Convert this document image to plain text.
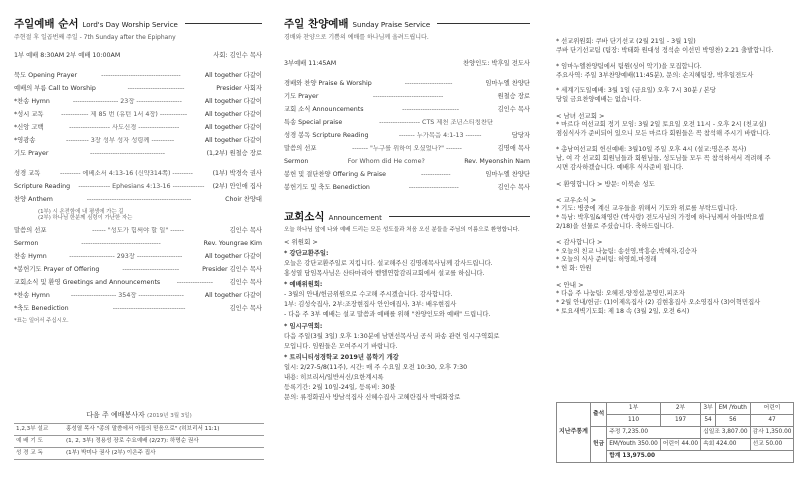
주일예배 순서 Lord's Day Worship Service
주현절 후 일곱번째 주일 - 7th Sunday after the Epiphany
1부 예배 8:30AM 2부 예배 10:00AM	사회: 김인수 목사
묵도 Opening Prayer	-----------------------------------	All together 다같이
예배의 부름 Call to Worship	-------------------------	Presider 사회자
*찬송 Hymn	-------------------- 23장 --------------------	All together 다같이
*성시 교독	------------ 제 85 번 (유턴 1서 4장) ------------	All together 다같이
*신앙 고백	------------------ 사도신경 ------------------	All together 다같이
*영광송	---------- 3장 성부 성자 성령께 ----------	All together 다같이
기도 Prayer	---------------------------------	(1,2부) 원철승 장로
성경 교독	--------- 에베소서 4:13-16 (신약314쪽) ---------	(1부) 박경숙 권사
Scripture Reading	-------------- Ephesians 4:13-16 --------------	(2부) 안인애 집사
찬양 Anthem	----------------------------------------------	Choir 찬양대
(1부) 시 온전함에 내 평생에 가는 길
(2부) 하나님 한분께 심령이 가난한 자는
말씀의 선포	------ "성도가 힘써야 할 일" ------	김인수 목사
Sermon	-----------------------------------	Rev. Youngrae Kim
찬송 Hymn	-------------------- 293장 --------------------	All together 다같이
*봉헌기도 Prayer of Offering	-------------------------	Presider 김인수 목사
교회소식 및 환영 Greetings and Announcements	----------------	김인수 목사
*찬송 Hymn	-------------------- 354장 --------------------	All together 다같이
*축도 Benediction	--------------------------------	김인수 목사
*표는 일어서 주십시오.
다음 주 예배봉사자 (2019년 3월 3일)
1,2,3부 설교	홍성열 목사 "종의 말씀에서 아들의 믿음으로" (히브리서 11:1)
예 배 기 도	(1, 2, 3부) 정용성 장로 수요예배 (2/27): 하명순 권사
성 경 교 독	(1부) 박미나 권사 (2부) 이은주 집사
주일 찬양예배 Sunday Praise Service
경배와 찬양으로 기쁨의 예배를 하나님께 올려드립니다.
3부예배 11:45AM	찬양인도: 박후일 전도사
경배와 찬양 Praise & Worship	---------------------	임마누엘 찬양단
기도 Prayer	-------------------------------	원철승 장로
교회 소식 Announcements	-------------------------	김인수 목사
특송 Special praise	------------------ CTS 제천 조년스티칭찬단
성경 봉독 Scripture Reading	------- 누가복음 4:1-13 -------	담당자
말씀의 선포	------- "누구를 위하여 오셨었나?" -------	김명애 목사
Sermon	For Whom did He come?	Rev. Myeonshin Nam
봉헌 및 결단찬양 Offering & Praise	-------------	임마누엘 찬양단
봉헌기도 및 축도 Benediction	----------------------	김인수 목사
교회소식 Announcement
오늘 하나님 앞에 나와 예배 드리는 모든 성도들과 처음 오신 분들을 주님의 이름으로 환영합니다.
< 위원회 >
* 강단교환주일:
오늘은 강단교환주일로 지킵니다. 설교해주신 김명래목사님께 감사드립니다.
홍성열 담임목사님은 산타마리아 벧엘연합감리교회에서 설교를 하십니다.
* 예배위원회:
- 3월의 안내/헌금위원으로 수고해 주시겠습니다. 감사합니다.
1부: 김성숙집사, 2부:조장현집사 안인애집사, 3부: 배우현집사
- 다음 주 3부 예배는 설교 말씀과 예배를 위해 "찬양인도와 예배" 드립니다.
* 임시구역회:
다음 주일(3월 3일) 오후 1:30분에 남면선목사님 공식 파송 관련 임시구역회로
모입니다. 임원들은 모여주시기 바랍니다.
* 트리니티성경학교 2019년 봄학기 개강
일시: 2/27-5/8(11주), 시간: 매 주 수요일 오전 10:30, 오후 7:30
내용: 히브리서/일반서신/요한계시록
등록기간: 2월 10일-24일, 등록비: 30불
문의: 류정화권사 방남석집사 신혜수집사 고혜란집사 박대화장로
* 선교위원회: 쿠바 단기선교 (2월 21일 - 3월 1일)
쿠바 단기선교팀 (팀장: 박태화 원대성 정석순 이선민 박영찬) 2.21 출발합니다.
* 임마누엘찬양팀에서 팀원(싱어 악기)을 모집합니다.
주요사역: 주일 3부찬양예배(11:45분), 문의: 손지혜팀장, 박후일전도사
* 세계기도일예배: 3월 1일 (금요일) 오후 7시 30분 / 본당
당일 금요찬양예배는 없습니다.
< 남녀 선교회 >
* 마르다 여선교회 정기 모임: 3월 2일 토요일 오전 11시 - 오후 2시 (친교실)
점심식사가 준비되어 있으니 모든 마르다 회원들은 꼭 참석해 주시기 바랍니다.
* 총남여선교회 헌신예배: 3월10일 주일 오후 4시 (설교:명은주 목사)
남, 여 각 선교회 회원님들과 회원님들, 성도님들 모두 꼭 참석하셔서 격려해 주
시면 감사하겠습니다. 예배후 식사준비 됩니다.
< 환영합니다 > 방문: 이북순 성도
< 교우소식 >
* 기도: 병중에 계신 교우들을 위해서 기도와 위로를 부탁드립니다.
* 득남: 박후일&채영란 (박사랑) 전도사님의 가정에 하나님께서 아들(박요셉
2/18)을 선물로 주셨습니다. 축하드립니다.
< 감사합니다 >
* 오늘의 친교 나눔팀: 송선영,박흥순,박혜자,김승자
* 오늘의 식사 준비팀: 허영희,마경래
* 헌 화: 안원
< 안내 >
* 다음 주 나눔팀: 오혜진,양정섭,문영민,피조자
* 2월 안내/헌금: (1)이제옥집사 (2) 김현홍집사 오소영집사 (3)이혁민집사
* 토요새벽기도회: 제 18 속 (3월 2일, 오전 6시)
지난주통계	출석	1부	2부	3부	EM /Youth	어린이
		110	197	54	56	47
	헌금	주정 7,235.00		십일조 3,807.00		감사 1,350.00
		EM/Youth 350.00	어린이 44.00	속회 424.00		선교 50.00
		합계 13,975.00				
